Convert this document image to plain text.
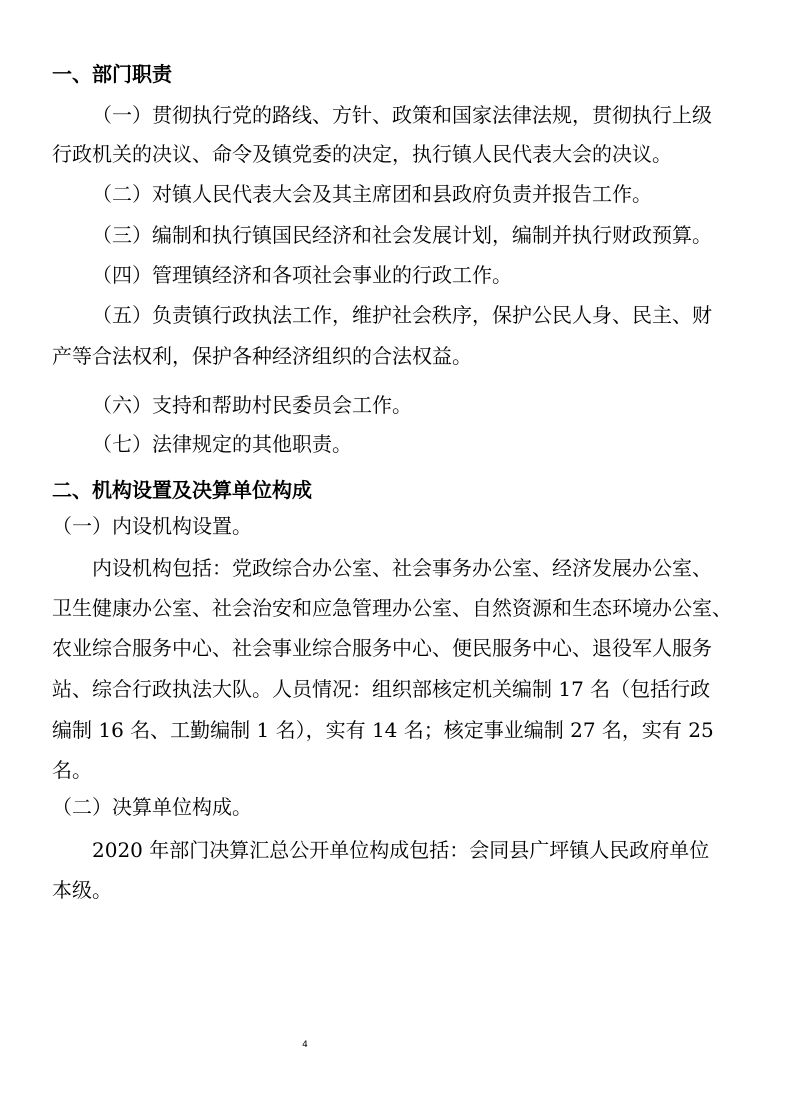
一、部门职责
（一）贯彻执行党的路线、方针、政策和国家法律法规，贯彻执行上级
行政机关的决议、命令及镇党委的决定，执行镇人民代表大会的决议。
（二）对镇人民代表大会及其主席团和县政府负责并报告工作。
（三）编制和执行镇国民经济和社会发展计划，编制并执行财政预算。
（四）管理镇经济和各项社会事业的行政工作。
（五）负责镇行政执法工作，维护社会秩序，保护公民人身、民主、财
产等合法权利，保护各种经济组织的合法权益。
（六）支持和帮助村民委员会工作。
（七）法律规定的其他职责。
二、机构设置及决算单位构成
（一）内设机构设置。
内设机构包括：党政综合办公室、社会事务办公室、经济发展办公室、
卫生健康办公室、社会治安和应急管理办公室、自然资源和生态环境办公室、
农业综合服务中心、社会事业综合服务中心、便民服务中心、退役军人服务
站、综合行政执法大队。人员情况：组织部核定机关编制 17 名（包括行政
编制 16 名、工勤编制 1 名），实有 14 名；核定事业编制 27 名，实有 25
名。
（二）决算单位构成。
2020 年部门决算汇总公开单位构成包括：会同县广坪镇人民政府单位
本级。
4
